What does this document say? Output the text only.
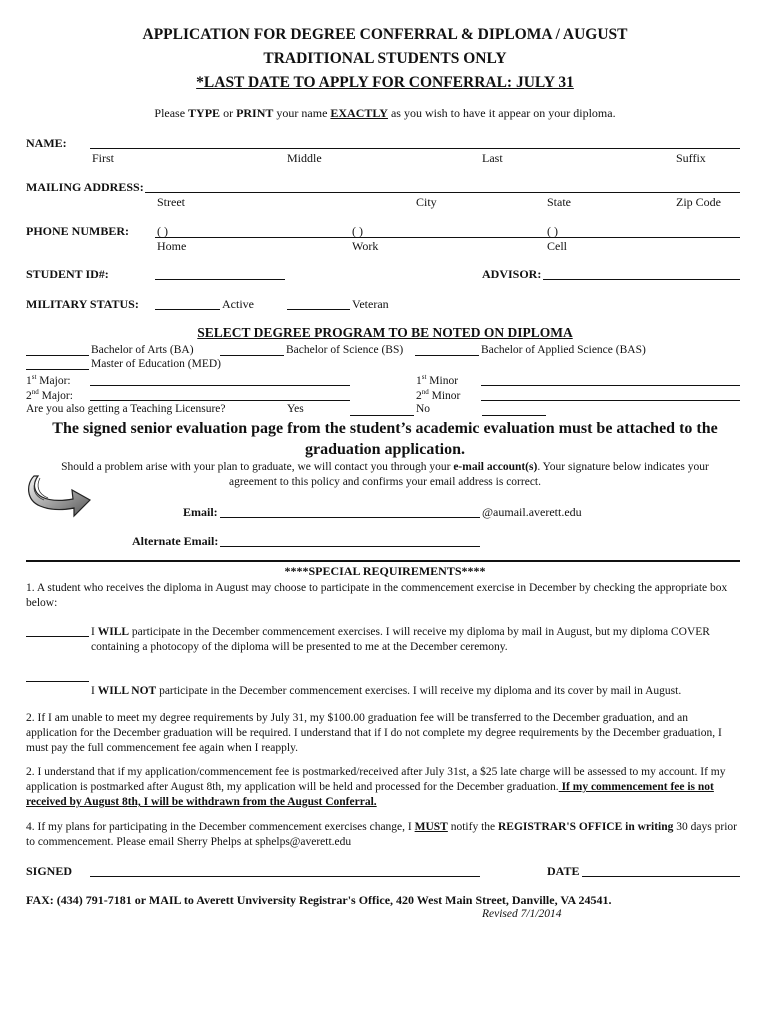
APPLICATION FOR DEGREE CONFERRAL & DIPLOMA / AUGUST
TRADITIONAL STUDENTS ONLY
*LAST DATE TO APPLY FOR CONFERRAL: JULY 31
Please TYPE or PRINT your name EXACTLY as you wish to have it appear on your diploma.
NAME:
First	Middle	Last	Suffix
MAILING ADDRESS:
Street	City	State	Zip Code
PHONE NUMBER: ( )	( )	( )
Home	Work	Cell
STUDENT ID#:	ADVISOR:
MILITARY STATUS:	Active	Veteran
SELECT DEGREE PROGRAM TO BE NOTED ON DIPLOMA
Bachelor of Arts (BA)	Bachelor of Science (BS)	Bachelor of Applied Science (BAS)
Master of Education (MED)
1st Major:	1st Minor
2nd Major:	2nd Minor
Are you also getting a Teaching Licensure?	Yes	No
The signed senior evaluation page from the student’s academic evaluation must be attached to the
graduation application.
Should a problem arise with your plan to graduate, we will contact you through your e-mail account(s). Your signature below indicates your
agreement to this policy and confirms your email address is correct.
Email:	@aumail.averett.edu
Alternate Email:
****SPECIAL REQUIREMENTS****
1. A student who receives the diploma in August may choose to participate in the commencement exercise in December by checking the appropriate box below:
I WILL participate in the December commencement exercises. I will receive my diploma by mail in August, but my diploma COVER containing a photocopy of the diploma will be presented to me at the December ceremony.
I WILL NOT participate in the December commencement exercises. I will receive my diploma and its cover by mail in August.
2. If I am unable to meet my degree requirements by July 31, my $100.00 graduation fee will be transferred to the December graduation, and an application for the December graduation will be required. I understand that if I do not complete my degree requirements by the December graduation, I must pay the full commencement fee again when I reapply.
2. I understand that if my application/commencement fee is postmarked/received after July 31st, a $25 late charge will be assessed to my account. If my application is postmarked after August 8th, my application will be held and processed for the December graduation. If my commencement fee is not received by August 8th, I will be withdrawn from the August Conferral.
4. If my plans for participating in the December commencement exercises change, I MUST notify the REGISTRAR'S OFFICE in writing 30 days prior to commencement. Please email Sherry Phelps at sphelps@averett.edu
SIGNED	DATE
FAX: (434) 791-7181 or MAIL to Averett Unviversity Registrar's Office, 420 West Main Street, Danville, VA 24541.
Revised 7/1/2014
